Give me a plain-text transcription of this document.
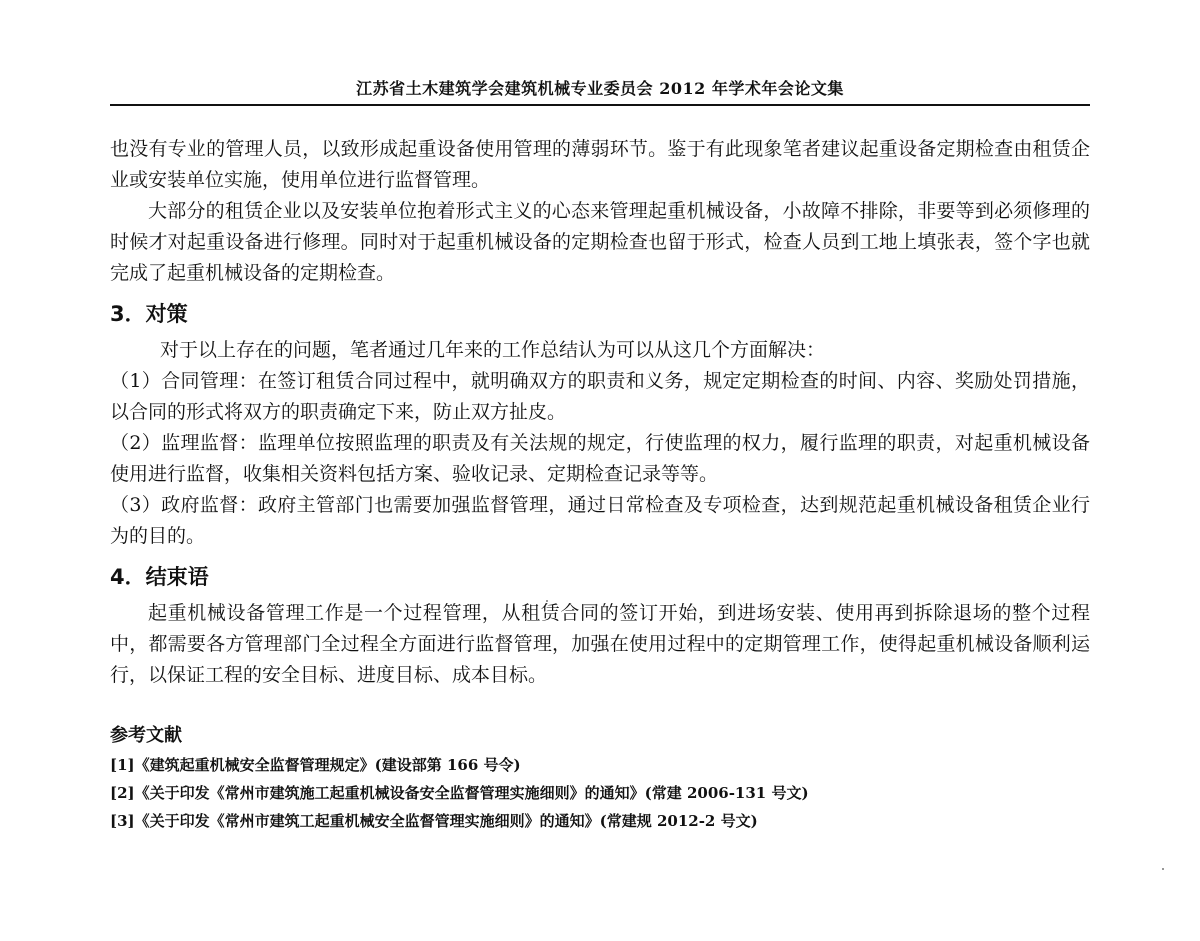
江苏省土木建筑学会建筑机械专业委员会 2012 年学术年会论文集

也没有专业的管理人员，以致形成起重设备使用管理的薄弱环节。鉴于有此现象笔者建议起重设备定期检查由租赁企业或安装单位实施，使用单位进行监督管理。

大部分的租赁企业以及安装单位抱着形式主义的心态来管理起重机械设备，小故障不排除，非要等到必须修理的时候才对起重设备进行修理。同时对于起重机械设备的定期检查也留于形式，检查人员到工地上填张表，签个字也就完成了起重机械设备的定期检查。

3．对策

对于以上存在的问题，笔者通过几年来的工作总结认为可以从这几个方面解决：

（1）合同管理：在签订租赁合同过程中，就明确双方的职责和义务，规定定期检查的时间、内容、奖励处罚措施，以合同的形式将双方的职责确定下来，防止双方扯皮。

（2）监理监督：监理单位按照监理的职责及有关法规的规定，行使监理的权力，履行监理的职责，对起重机械设备使用进行监督，收集相关资料包括方案、验收记录、定期检查记录等等。

（3）政府监督：政府主管部门也需要加强监督管理，通过日常检查及专项检查，达到规范起重机械设备租赁企业行为的目的。

4．结束语

起重机械设备管理工作是一个过程管理，从租赁合同的签订开始，到进场安装、使用再到拆除退场的整个过程中，都需要各方管理部门全过程全方面进行监督管理，加强在使用过程中的定期管理工作，使得起重机械设备顺利运行，以保证工程的安全目标、进度目标、成本目标。

参考文献
[1]《建筑起重机械安全监督管理规定》(建设部第 166 号令)
[2]《关于印发《常州市建筑施工起重机械设备安全监督管理实施细则》的通知》(常建 2006-131 号文)
[3]《关于印发《常州市建筑工起重机械安全监督管理实施细则》的通知》(常建规 2012-2 号文)
